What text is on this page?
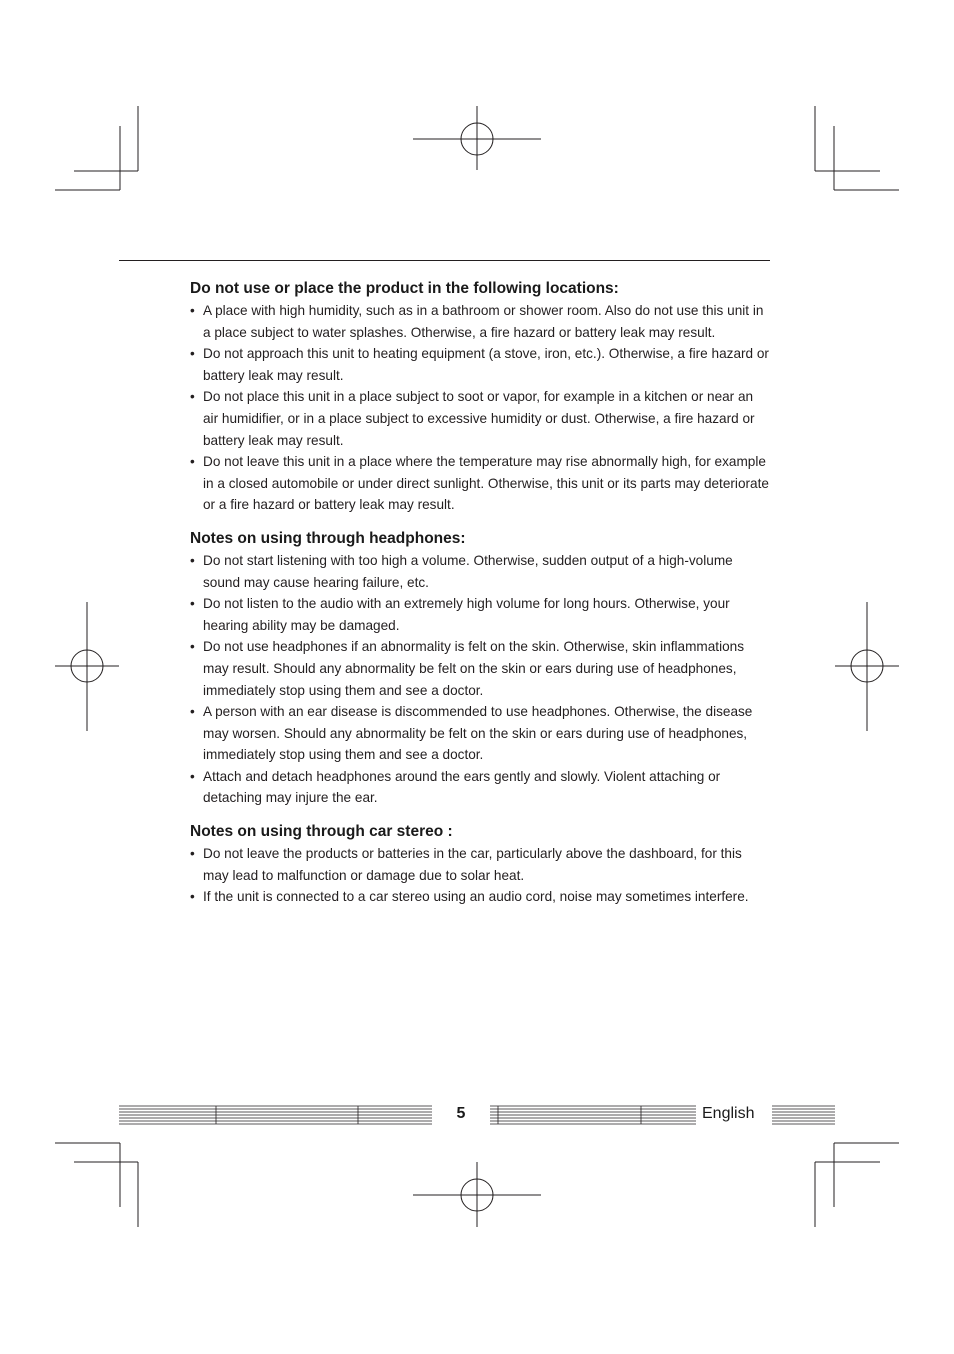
Do not use or place the product in the following locations:
• A place with high humidity, such as in a bathroom or shower room. Also do not use this unit in a place subject to water splashes. Otherwise, a fire hazard or battery leak may result.
• Do not approach this unit to heating equipment (a stove, iron, etc.). Otherwise, a fire hazard or battery leak may result.
• Do not place this unit in a place subject to soot or vapor, for example in a kitchen or near an air humidifier, or in a place subject to excessive humidity or dust. Otherwise, a fire hazard or battery leak may result.
• Do not leave this unit in a place where the temperature may rise abnormally high, for example in a closed automobile or under direct sunlight. Otherwise, this unit or its parts may deteriorate or a fire hazard or battery leak may result.
Notes on using through headphones:
• Do not start listening with too high a volume. Otherwise, sudden output of a high-volume sound may cause hearing failure, etc.
• Do not listen to the audio with an extremely high volume for long hours. Otherwise, your hearing ability may be damaged.
• Do not use headphones if an abnormality is felt on the skin. Otherwise, skin inflammations may result. Should any abnormality be felt on the skin or ears during use of headphones, immediately stop using them and see a doctor.
• A person with an ear disease is discommended to use headphones. Otherwise, the disease may worsen. Should any abnormality be felt on the skin or ears during use of headphones, immediately stop using them and see a doctor.
• Attach and detach headphones around the ears gently and slowly. Violent attaching or detaching may injure the ear.
Notes on using through car stereo :
• Do not leave the products or batteries in the car, particularly above the dashboard, for this may lead to malfunction or damage due to solar heat.
• If the unit is connected to a car stereo using an audio cord, noise may sometimes interfere.
5	English
